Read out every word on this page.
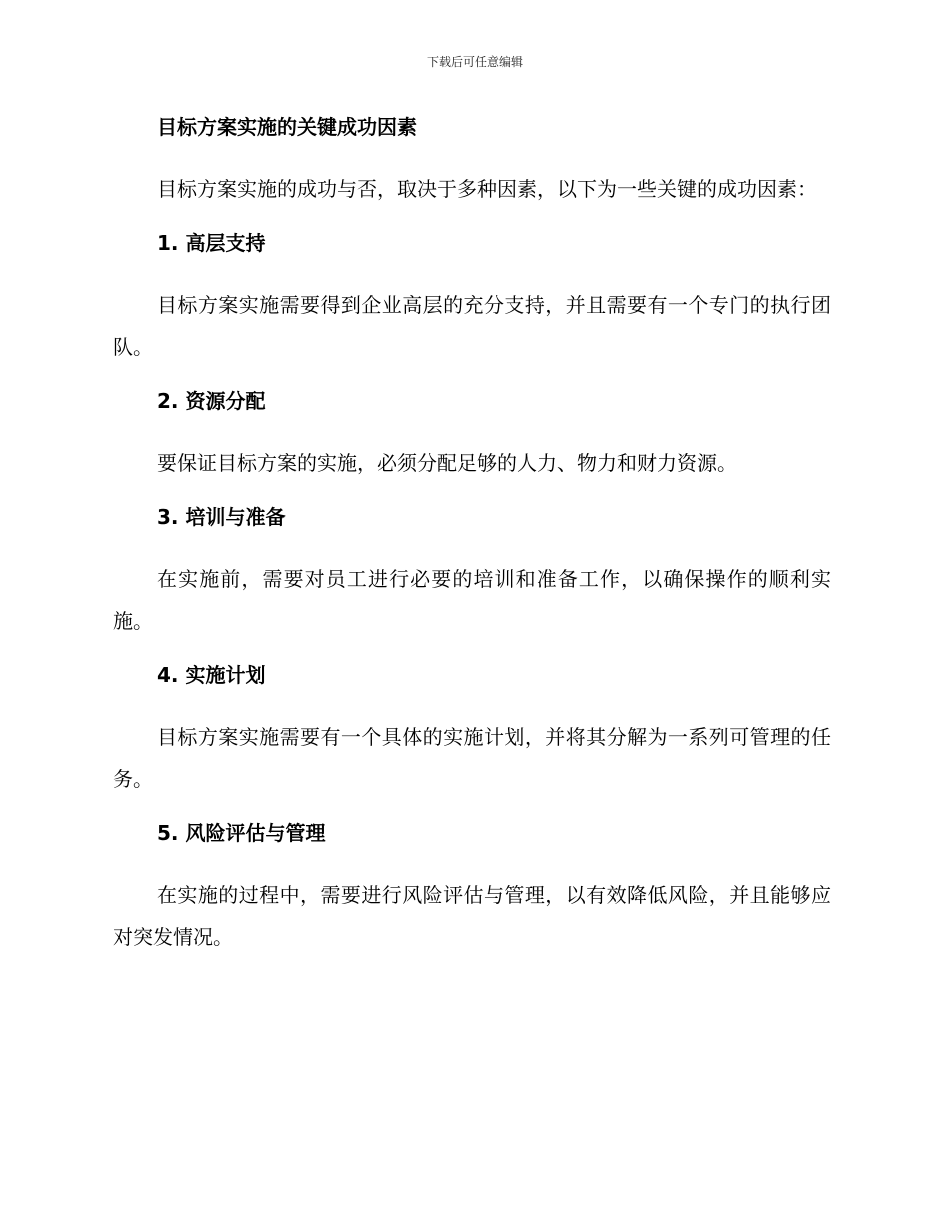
下载后可任意编辑
目标方案实施的关键成功因素

目标方案实施的成功与否，取决于多种因素，以下为一些关键的成功因素：

1. 高层支持

目标方案实施需要得到企业高层的充分支持，并且需要有一个专门的执行团队。

2. 资源分配

要保证目标方案的实施，必须分配足够的人力、物力和财力资源。

3. 培训与准备

在实施前，需要对员工进行必要的培训和准备工作，以确保操作的顺利实施。

4. 实施计划

目标方案实施需要有一个具体的实施计划，并将其分解为一系列可管理的任务。

5. 风险评估与管理

在实施的过程中，需要进行风险评估与管理，以有效降低风险，并且能够应对突发情况。
